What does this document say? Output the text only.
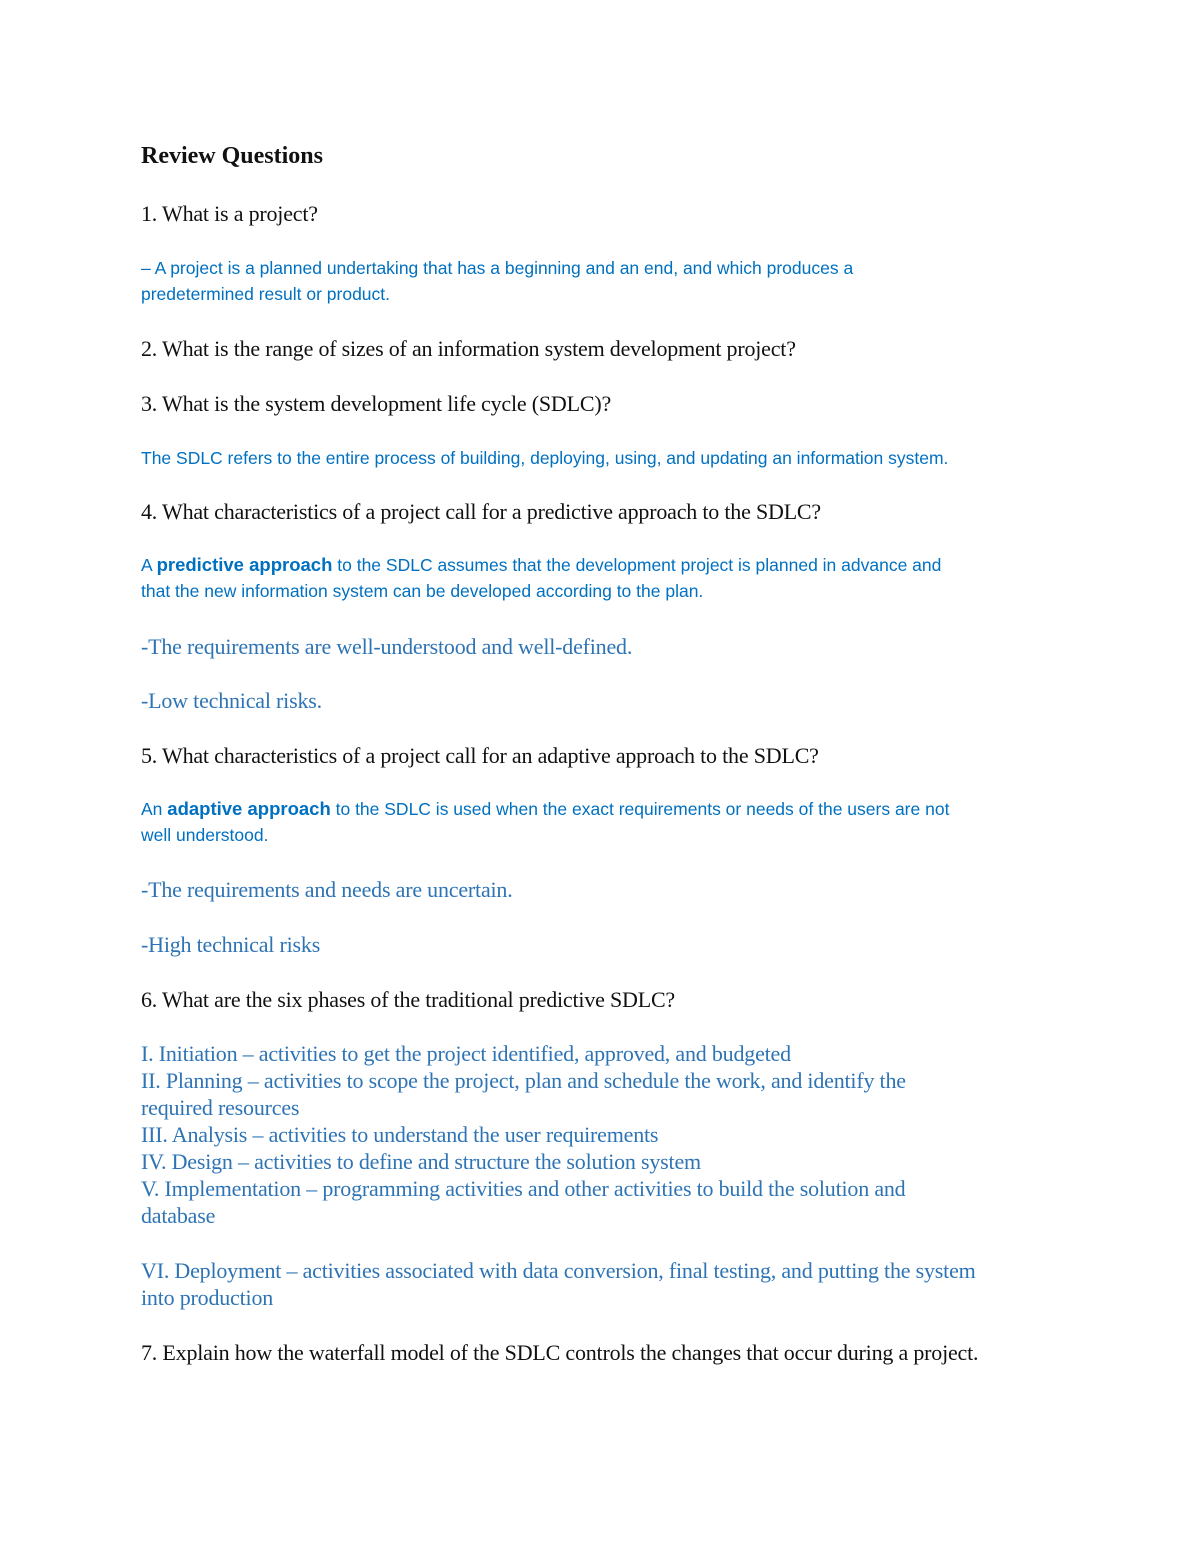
Review Questions

1. What is a project?

– A project is a planned undertaking that has a beginning and an end, and which produces a

predetermined result or product.

2. What is the range of sizes of an information system development project?

3. What is the system development life cycle (SDLC)?

The SDLC refers to the entire process of building, deploying, using, and updating an information system.

4. What characteristics of a project call for a predictive approach to the SDLC?

A predictive approach to the SDLC assumes that the development project is planned in advance and

that the new information system can be developed according to the plan.

-The requirements are well-understood and well-defined.

-Low technical risks.

5. What characteristics of a project call for an adaptive approach to the SDLC?

An adaptive approach to the SDLC is used when the exact requirements or needs of the users are not

well understood.

-The requirements and needs are uncertain.

-High technical risks

6. What are the six phases of the traditional predictive SDLC?

I. Initiation – activities to get the project identified, approved, and budgeted

II. Planning – activities to scope the project, plan and schedule the work, and identify the

required resources

III. Analysis – activities to understand the user requirements

IV. Design – activities to define and structure the solution system

V. Implementation – programming activities and other activities to build the solution and

database

VI. Deployment – activities associated with data conversion, final testing, and putting the system

into production

7. Explain how the waterfall model of the SDLC controls the changes that occur during a project.
